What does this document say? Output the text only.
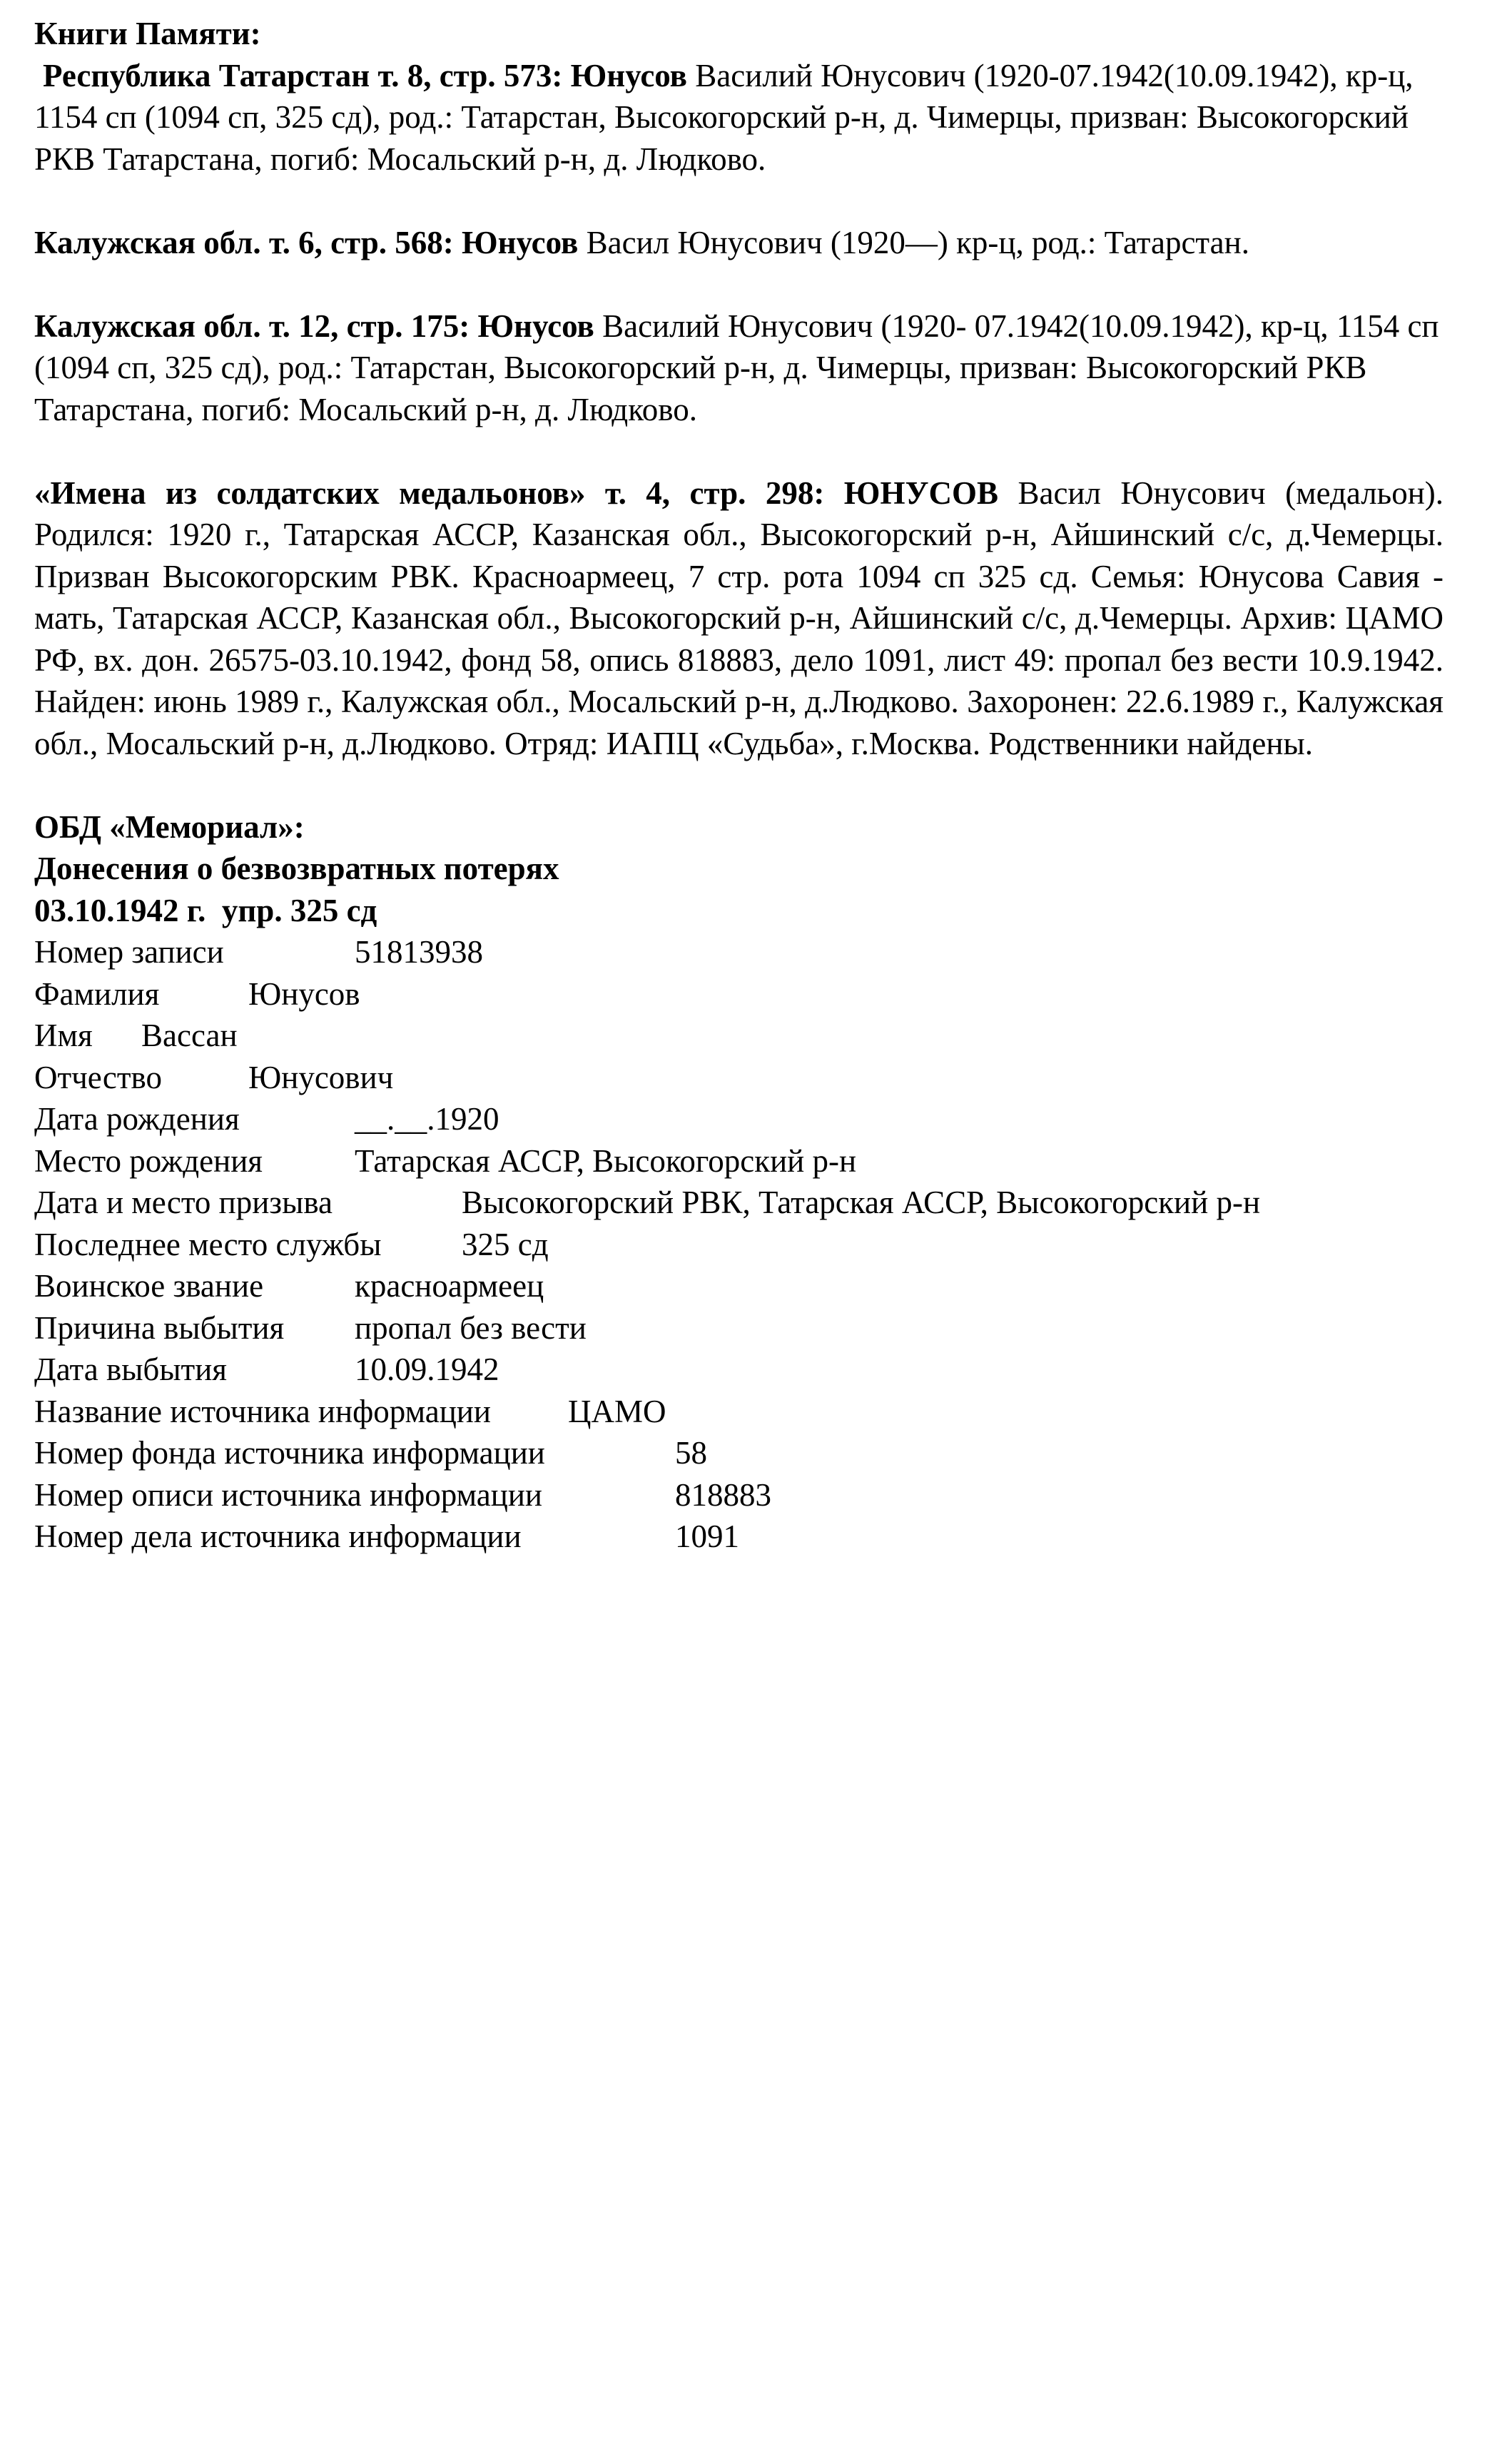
Книги Памяти:

Республика Татарстан т. 8, стр. 573: Юнусов Василий Юнусович (1920-07.1942(10.09.1942), кр-ц, 1154 сп (1094 сп, 325 сд), род.: Татарстан, Высокогорский р-н, д. Чимерцы, призван: Высокогорский РКВ Татарстана, погиб: Мосальский р-н, д. Людково.

Калужская обл. т. 6, стр. 568: Юнусов Васил Юнусович (1920—) кр-ц, род.: Татарстан.

Калужская обл. т. 12, стр. 175: Юнусов Василий Юнусович (1920- 07.1942(10.09.1942), кр-ц, 1154 сп (1094 сп, 325 сд), род.: Татарстан, Высокогорский р-н, д. Чимерцы, призван: Высокогорский РКВ Татарстана, погиб: Мосальский р-н, д. Людково.

«Имена из солдатских медальонов» т. 4, стр. 298: ЮНУСОВ Васил Юнусович (медальон). Родился: 1920 г., Татарская АССР, Казанская обл., Высокогорский р-н, Айшинский с/с, д.Чемерцы. Призван Высокогорским РВК. Красноармеец, 7 стр. рота 1094 сп 325 сд. Семья: Юнусова Савия - мать, Татарская АССР, Казанская обл., Высокогорский р-н, Айшинский с/с, д.Чемерцы. Архив: ЦАМО РФ, вх. дон. 26575-03.10.1942, фонд 58, опись 818883, дело 1091, лист 49: пропал без вести 10.9.1942. Найден: июнь 1989 г., Калужская обл., Мосальский р-н, д.Людково. Захоронен: 22.6.1989 г., Калужская обл., Мосальский р-н, д.Людково. Отряд: ИАПЦ «Судьба», г.Москва. Родственники найдены.

ОБД «Мемориал»:

Донесения о безвозвратных потерях

03.10.1942 г.  упр. 325 сд

Номер записи	51813938
Фамилия	Юнусов
Имя Вассан
Отчество	Юнусович
Дата рождения	__.__.1920
Место рождения	Татарская АССР, Высокогорский р-н
Дата и место призыва	Высокогорский РВК, Татарская АССР, Высокогорский р-н
Последнее место службы	325 сд
Воинское звание	красноармеец
Причина выбытия пропал без вести
Дата выбытия	10.09.1942
Название источника информации ЦАМО
Номер фонда источника информации	58
Номер описи источника информации	818883
Номер дела источника информации	1091
